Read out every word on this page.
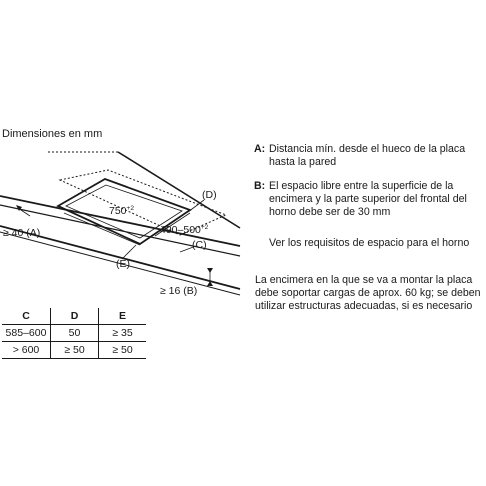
$750^{+2}$
$490-500^{+2}$
(D)
(C)
(E)
≥ 40 (A)
≥ 16 (B)
Dimensiones en mm
A: Distancia mín. desde el hueco de la placa hasta la pared
B: El espacio libre entre la superficie de la encimera y la parte superior del frontal del horno debe ser de 30 mm
Ver los requisitos de espacio para el horno
La encimera en la que se va a montar la placa debe soportar cargas de aprox. 60 kg; se deben utilizar estructuras adecuadas, si es necesario
C	D	E
585–600	50	≥ 35
> 600	≥ 50	≥ 50
